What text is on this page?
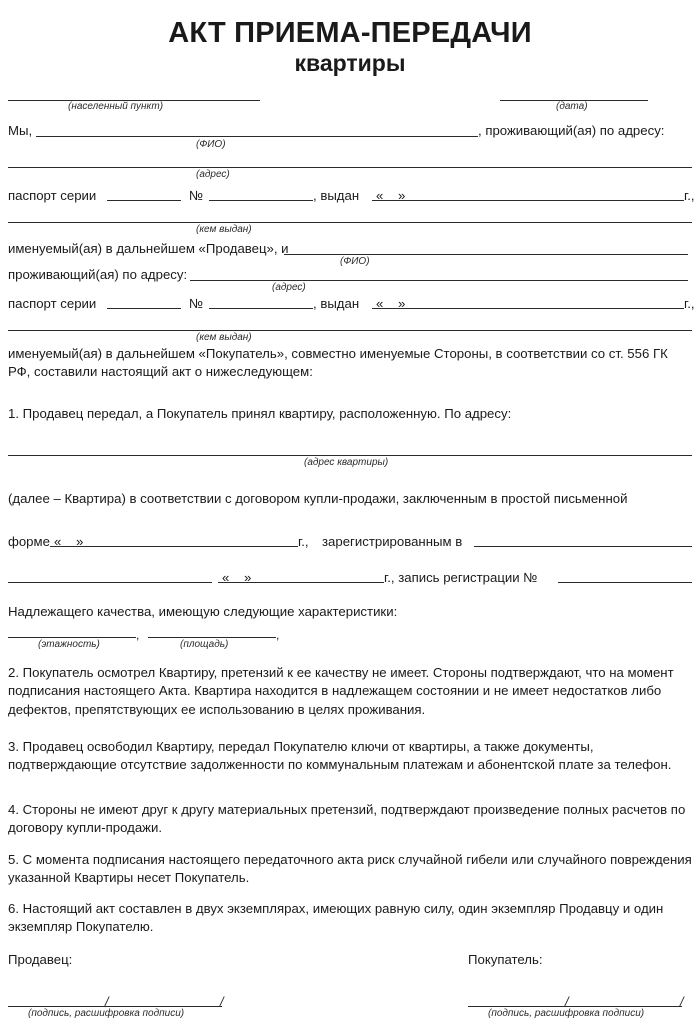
АКТ ПРИЕМА-ПЕРЕДАЧИ
квартиры
(населенный пункт)	(дата)
Мы,	, проживающий(ая) по адресу:
(ФИО)
(адрес)
паспорт серии	№	, выдан « »	г.,
(кем выдан)
именуемый(ая) в дальнейшем «Продавец», и
(ФИО)
проживающий(ая) по адресу:
(адрес)
паспорт серии	№	, выдан « »	г.,
(кем выдан)
именуемый(ая) в дальнейшем «Покупатель», совместно именуемые Стороны, в соответствии со ст. 556 ГК РФ, составили настоящий акт о нижеследующем:
1. Продавец передал, а Покупатель принял квартиру, расположенную. По адресу:
(адрес квартиры)
(далее – Квартира) в соответствии с договором купли-продажи, заключенным в простой письменной
форме « »	г., зарегистрированным в
« »	г., запись регистрации №
Надлежащего качества, имеющую следующие характеристики:
,
(этажность)
,
(площадь)
2. Покупатель осмотрел Квартиру, претензий к ее качеству не имеет. Стороны подтверждают, что на момент подписания настоящего Акта. Квартира находится в надлежащем состоянии и не имеет недостатков либо дефектов, препятствующих ее использованию в целях проживания.
3. Продавец освободил Квартиру, передал Покупателю ключи от квартиры, а также документы, подтверждающие отсутствие задолженности по коммунальным платежам и абонентской плате за телефон.
4. Стороны не имеют друг к другу материальных претензий, подтверждают произведение полных расчетов по договору купли-продажи.
5. С момента подписания настоящего передаточного акта риск случайной гибели или случайного повреждения указанной Квартиры несет Покупатель.
6. Настоящий акт составлен в двух экземплярах, имеющих равную силу, один экземпляр Продавцу и один экземпляр Покупателю.
Продавец:	Покупатель:
/	/
(подпись, расшифровка подписи)
/	/
(подпись, расшифровка подписи)
